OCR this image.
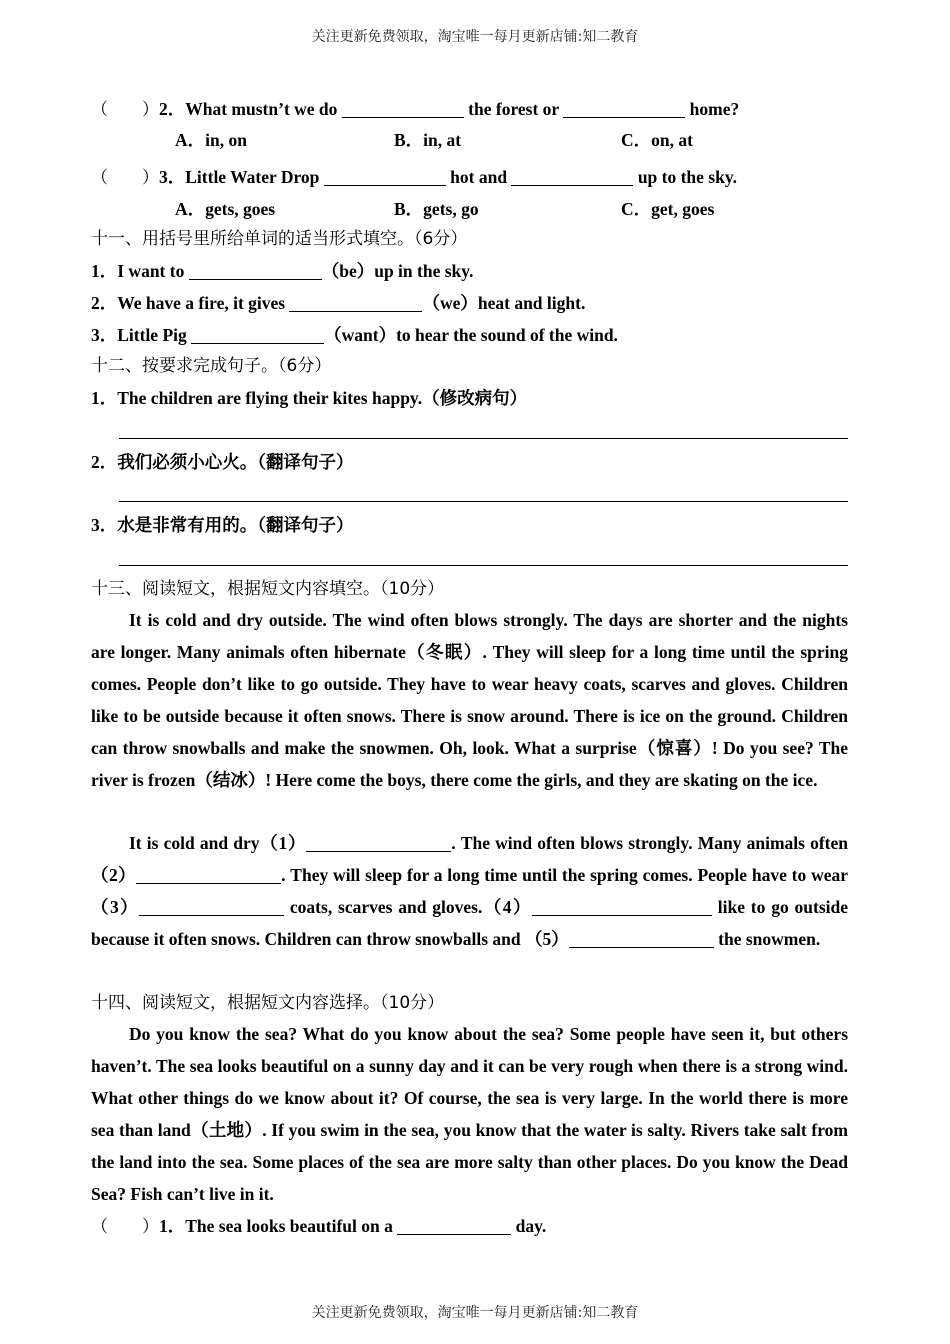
关注更新免费领取，淘宝唯一每月更新店铺:知二教育
（　　）2．What mustn’t we do	the forest or	home?
A．in, on	B．in, at	C．on, at
（　　）3．Little Water Drop	hot and	up to the sky.
A．gets, goes	B．gets, go	C．get, goes
十一、用括号里所给单词的适当形式填空。（6分）
1．I want to	（be）up in the sky.
2．We have a fire, it gives	（we）heat and light.
3．Little Pig	（want）to hear the sound of the wind.
十二、按要求完成句子。（6分）
1．The children are flying their kites happy.（修改病句）
2．我们必须小心火。（翻译句子）
3．水是非常有用的。（翻译句子）
十三、阅读短文，根据短文内容填空。（10分）
It is cold and dry outside. The wind often blows strongly. The days are shorter and the nights are longer. Many animals often hibernate（冬眠）. They will sleep for a long time until the spring comes. People don’t like to go outside. They have to wear heavy coats, scarves and gloves. Children like to be outside because it often snows. There is snow around. There is ice on the ground. Children can throw snowballs and make the snowmen. Oh, look. What a surprise（惊喜）! Do you see? The river is frozen（结冰）! Here come the boys, there come the girls, and they are skating on the ice.
It is cold and dry（1）	. The wind often blows strongly. Many animals often（2）	. They will sleep for a long time until the spring comes. People have to wear （3）	coats, scarves and gloves.（4）	like to go outside because it often snows. Children can throw snowballs and （5）	the snowmen.
十四、阅读短文，根据短文内容选择。（10分）
Do you know the sea? What do you know about the sea? Some people have seen it, but others haven’t. The sea looks beautiful on a sunny day and it can be very rough when there is a strong wind. What other things do we know about it? Of course, the sea is very large. In the world there is more sea than land（土地）. If you swim in the sea, you know that the water is salty. Rivers take salt from the land into the sea. Some places of the sea are more salty than other places. Do you know the Dead Sea? Fish can’t live in it.
（　　）1．The sea looks beautiful on a	day.
关注更新免费领取，淘宝唯一每月更新店铺:知二教育
